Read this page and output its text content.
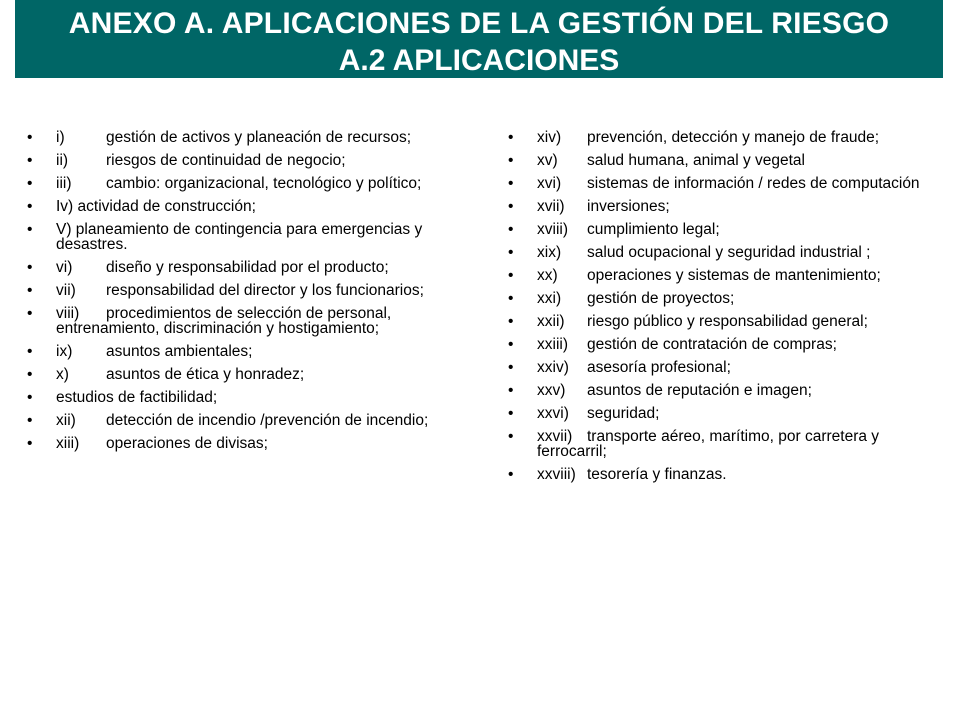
ANEXO A. APLICACIONES DE LA GESTIÓN DEL RIESGO
A.2 APLICACIONES
•	i)	gestión de activos y planeación de recursos;
•	ii) riesgos de continuidad de negocio;
•	iii) cambio: organizacional, tecnológico y político;
•	Iv) actividad de construcción;
•	V) planeamiento de contingencia para emergencias y desastres.
•	vi) diseño y responsabilidad por el producto;
•	vii) responsabilidad del director y los funcionarios;
•	viii) procedimientos de selección de personal, entrenamiento, discriminación y hostigamiento;
•	ix) asuntos ambientales;
•	x) asuntos de ética y honradez;
•	estudios de factibilidad;
•	xii) detección de incendio /prevención de incendio;
•	xiii) operaciones de divisas;
•	xiv) prevención, detección y manejo de fraude;
•	xv) salud humana, animal y vegetal
•	xvi) sistemas de información / redes de computación
•	xvii) inversiones;
•	xviii) cumplimiento legal;
•	xix) salud ocupacional y seguridad industrial ;
•	xx) operaciones y sistemas de mantenimiento;
•	xxi) gestión de proyectos;
•	xxii) riesgo público y responsabilidad general;
•	xxiii) gestión de contratación de compras;
•	xxiv) asesoría profesional;
•	xxv) asuntos de reputación e imagen;
•	xxvi) seguridad;
•	xxvii) transporte aéreo, marítimo, por carretera y ferrocarril;
•	xxviii) tesorería y finanzas.
